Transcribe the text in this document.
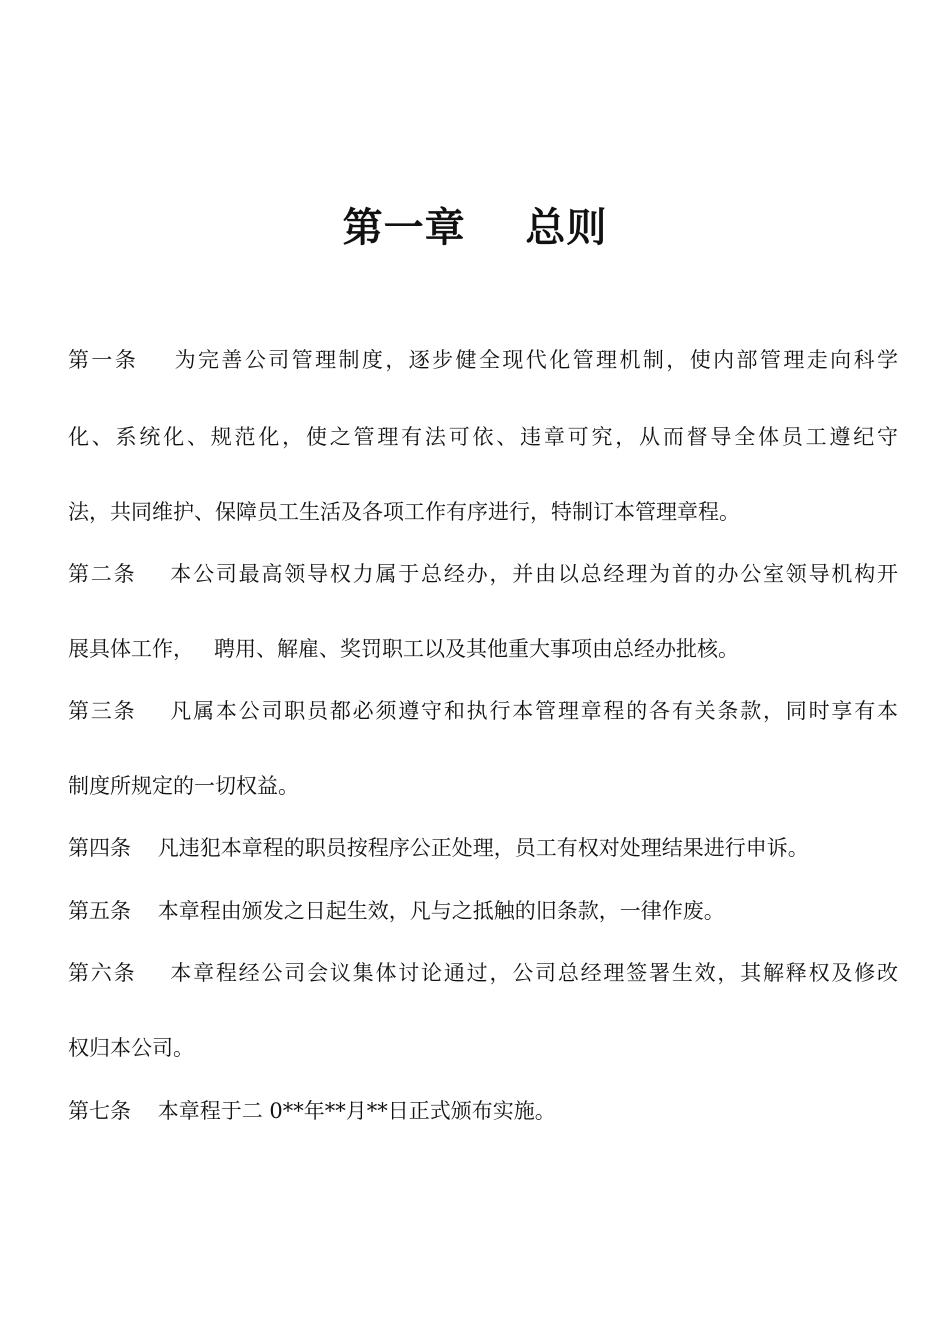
第一章    总则
第一条    为完善公司管理制度，逐步健全现代化管理机制，使内部管理走向科学
化、系统化、规范化，使之管理有法可依、违章可究，从而督导全体员工遵纪守
法，共同维护、保障员工生活及各项工作有序进行，特制订本管理章程。
第二条    本公司最高领导权力属于总经办，并由以总经理为首的办公室领导机构开
展具体工作，   聘用、解雇、奖罚职工以及其他重大事项由总经办批核。
第三条    凡属本公司职员都必须遵守和执行本管理章程的各有关条款，同时享有本
制度所规定的一切权益。
第四条    凡违犯本章程的职员按程序公正处理，员工有权对处理结果进行申诉。
第五条    本章程由颁发之日起生效，凡与之抵触的旧条款，一律作废。
第六条    本章程经公司会议集体讨论通过，公司总经理签署生效，其解释权及修改
权归本公司。
第七条    本章程于二 0**年**月**日正式颁布实施。
